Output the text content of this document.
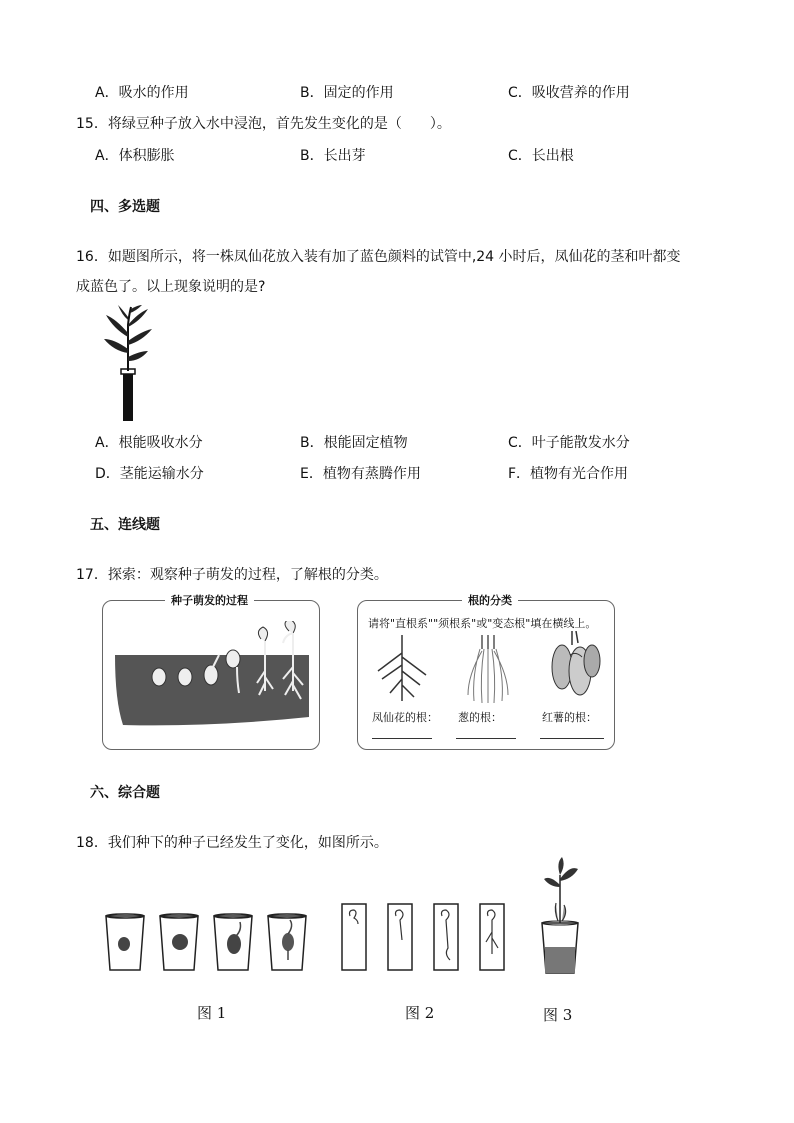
A．吸水的作用	B．固定的作用	C．吸收营养的作用
15．将绿豆种子放入水中浸泡，首先发生变化的是（　　）。
A．体积膨胀	B．长出芽	C．长出根
四、多选题
16．如题图所示，将一株凤仙花放入装有加了蓝色颜料的试管中,24 小时后，凤仙花的茎和叶都变
成蓝色了。以上现象说明的是?
A．根能吸收水分	B．根能固定植物	C．叶子能散发水分
D．茎能运输水分	E．植物有蒸腾作用	F．植物有光合作用
五、连线题
17．探索：观察种子萌发的过程，了解根的分类。
种子萌发的过程	根的分类
请将"直根系""须根系"或"变态根"填在横线上。
凤仙花的根： 葱的根：	红薯的根：
六、综合题
18．我们种下的种子已经发生了变化，如图所示。
图 1	图 2	图 3
